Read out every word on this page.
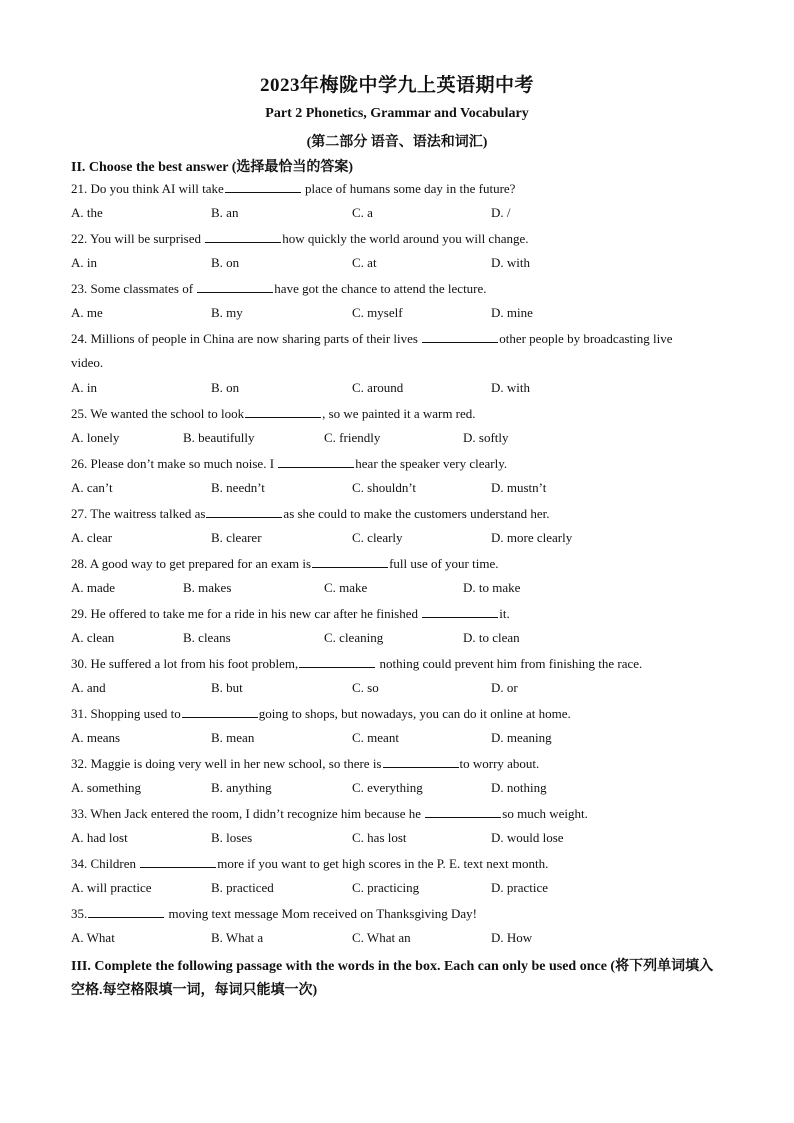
2023年梅陇中学九上英语期中考
Part 2 Phonetics, Grammar and Vocabulary
(第二部分 语音、语法和词汇)
II. Choose the best answer (选择最恰当的答案)
21. Do you think AI will take	place of humans some day in the future?
A. the	B. an	C. a	D. /
22. You will be surprised	how quickly the world around you will change.
A. in	B. on	C. at	D. with
23. Some classmates of	have got the chance to attend the lecture.
A. me	B. my	C. myself	D. mine
24. Millions of people in China are now sharing parts of their lives	other people by broadcasting live
video.
A. in	B. on	C. around	D. with
25. We wanted the school to look	, so we painted it a warm red.
A. lonely	B. beautifully	C. friendly	D. softly
26. Please don’t make so much noise. I	hear the speaker very clearly.
A. can’t	B. needn’t	C. shouldn’t	D. mustn’t
27. The waitress talked as	as she could to make the customers understand her.
A. clear	B. clearer	C. clearly	D. more clearly
28. A good way to get prepared for an exam is	full use of your time.
A. made	B. makes	C. make	D. to make
29. He offered to take me for a ride in his new car after he finished	it.
A. clean	B. cleans	C. cleaning	D. to clean
30. He suffered a lot from his foot problem,	nothing could prevent him from finishing the race.
A. and	B. but	C. so	D. or
31. Shopping used to	going to shops, but nowadays, you can do it online at home.
A. means	B. mean	C. meant	D. meaning
32. Maggie is doing very well in her new school, so there is	to worry about.
A. something	B. anything	C. everything	D. nothing
33. When Jack entered the room, I didn’t recognize him because he	so much weight.
A. had lost	B. loses	C. has lost	D. would lose
34. Children	more if you want to get high scores in the P. E. text next month.
A. will practice	B. practiced	C. practicing	D. practice
35.	moving text message Mom received on Thanksgiving Day!
A. What	B. What a	C. What an	D. How
III. Complete the following passage with the words in the box. Each can only be used once (将下列单词填入空格.每空格限填一词，每词只能填一次)
